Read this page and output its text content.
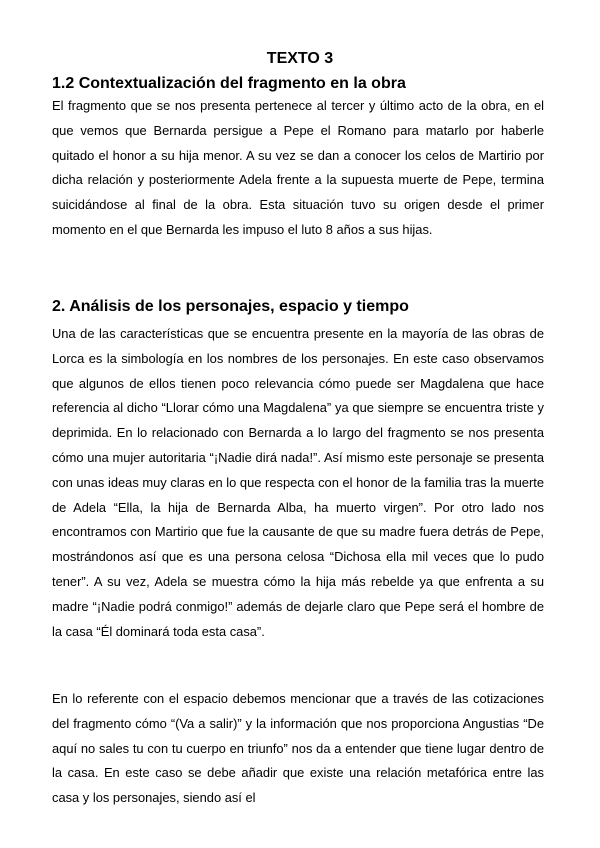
TEXTO 3
1.2 Contextualización del fragmento en la obra

El fragmento que se nos presenta pertenece al tercer y último acto de la obra, en el que vemos que Bernarda persigue a Pepe el Romano para matarlo por haberle quitado el honor a su hija menor. A su vez se dan a conocer los celos de Martirio por dicha relación y posteriormente Adela frente a la supuesta muerte de Pepe, termina suicidándose al final de la obra. Esta situación tuvo su origen desde el primer momento en el que Bernarda les impuso el luto 8 años a sus hijas.

2. Análisis de los personajes, espacio y tiempo

Una de las características que se encuentra presente en la mayoría de las obras de Lorca es la simbología en los nombres de los personajes. En este caso observamos que algunos de ellos tienen poco relevancia cómo puede ser Magdalena que hace referencia al dicho “Llorar cómo una Magdalena” ya que siempre se encuentra triste y deprimida. En lo relacionado con Bernarda a lo largo del fragmento se nos presenta cómo una mujer autoritaria “¡Nadie dirá nada!”. Así mismo este personaje se presenta con unas ideas muy claras en lo que respecta con el honor de la familia tras la muerte de Adela “Ella, la hija de Bernarda Alba, ha muerto virgen”. Por otro lado nos encontramos con Martirio que fue la causante de que su madre fuera detrás de Pepe, mostrándonos así que es una persona celosa “Dichosa ella mil veces que lo pudo tener”. A su vez, Adela se muestra cómo la hija más rebelde ya que enfrenta a su madre “¡Nadie podrá conmigo!” además de dejarle claro que Pepe será el hombre de la casa “Él dominará toda esta casa”.

En lo referente con el espacio debemos mencionar que a través de las cotizaciones del fragmento cómo “(Va a salir)” y la información que nos proporciona Angustias “De aquí no sales tu con tu cuerpo en triunfo” nos da a entender que tiene lugar dentro de la casa. En este caso se debe añadir que existe una relación metafórica entre las casa y los personajes, siendo así el
